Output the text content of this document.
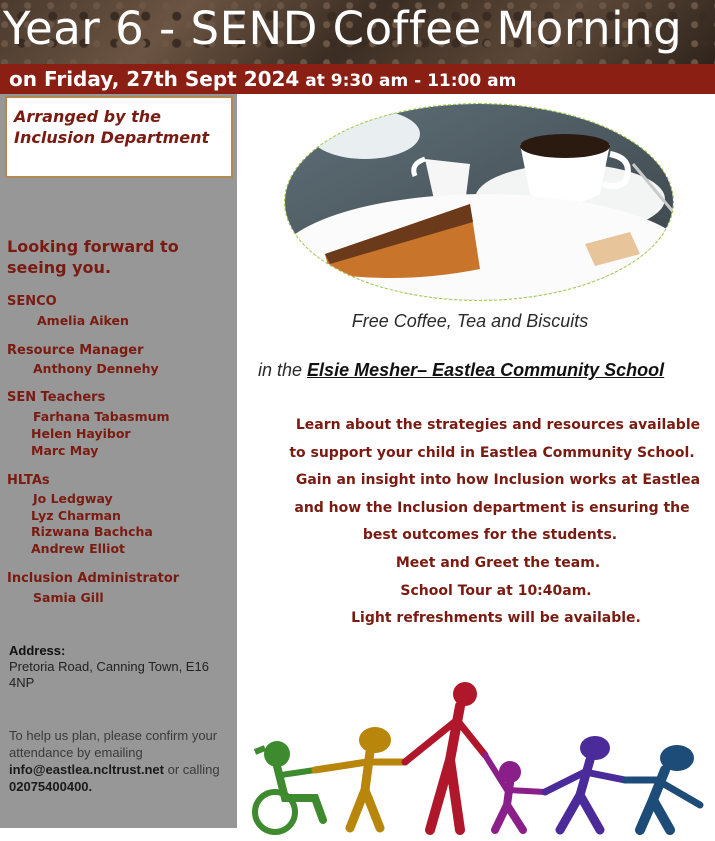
Year 6 - SEND Coffee Morning
on Friday, 27th Sept 2024 at 9:30 am - 11:00 am
Arranged by the Inclusion Department
Looking forward to seeing you.
SENCO
Amelia Aiken
Resource Manager
Anthony Dennehy
SEN Teachers
Farhana Tabasmum
Helen Hayibor
Marc May
HLTAs
Jo Ledgway
Lyz Charman
Rizwana Bachcha
Andrew Elliot
Inclusion Administrator
Samia Gill
Address:
Pretoria Road, Canning Town, E16 4NP
To help us plan, please confirm your attendance by emailing info@eastlea.ncltrust.net or calling 02075400400.
Free Coffee, Tea and Biscuits
in the Elsie Mesher– Eastlea Community School
Learn about the strategies and resources available
to support your child in Eastlea Community School.
Gain an insight into how Inclusion works at Eastlea
and how the Inclusion department is ensuring the
best outcomes for the students.
Meet and Greet the team.
School Tour at 10:40am.
Light refreshments will be available.
